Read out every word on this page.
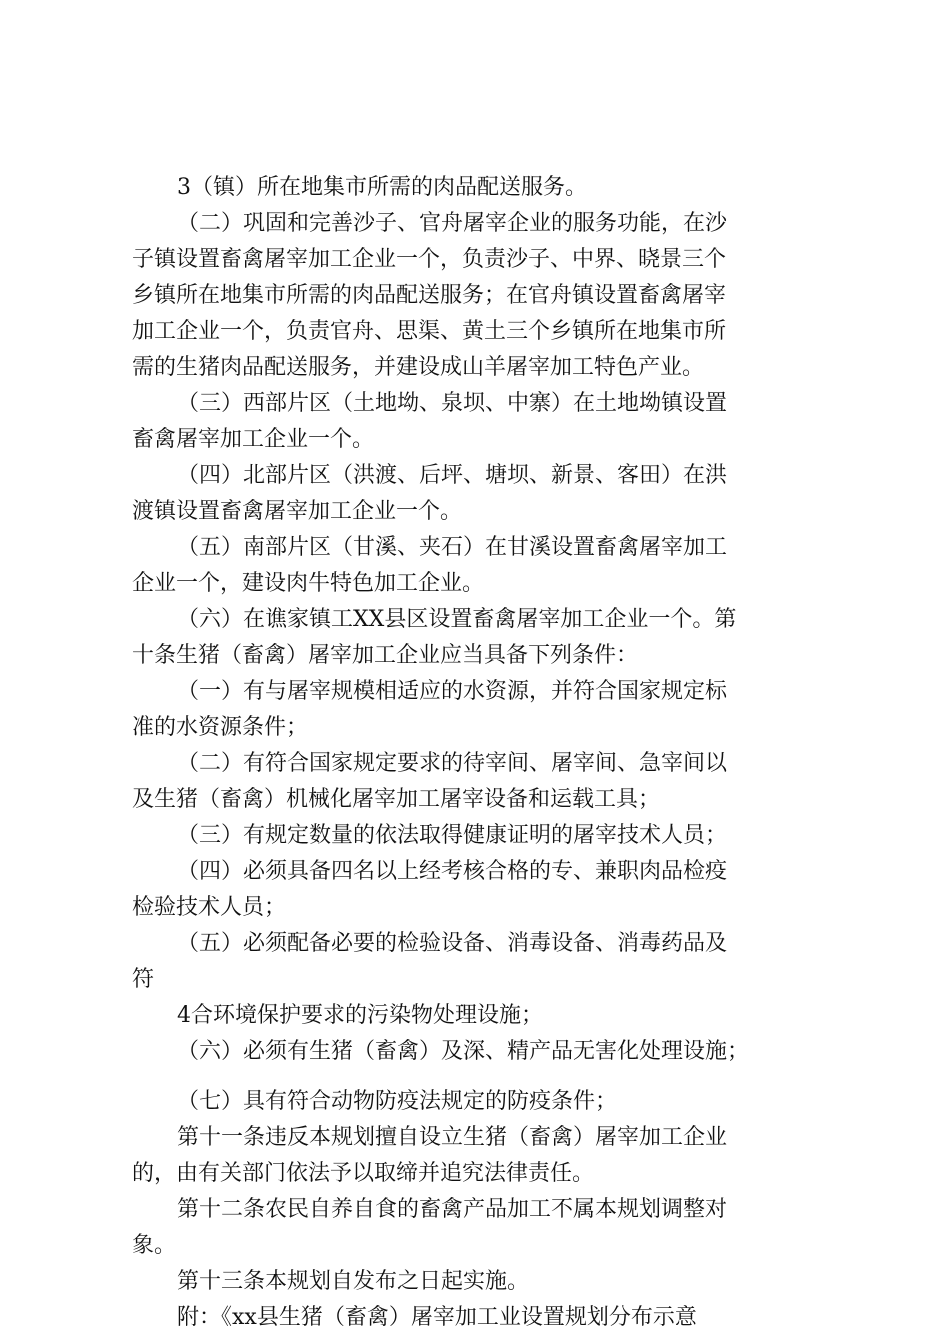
3（镇）所在地集市所需的肉品配送服务。
（二）巩固和完善沙子、官舟屠宰企业的服务功能，在沙
子镇设置畜禽屠宰加工企业一个，负责沙子、中界、晓景三个
乡镇所在地集市所需的肉品配送服务；在官舟镇设置畜禽屠宰
加工企业一个，负责官舟、思渠、黄土三个乡镇所在地集市所
需的生猪肉品配送服务，并建设成山羊屠宰加工特色产业。
（三）西部片区（土地坳、泉坝、中寨）在土地坳镇设置
畜禽屠宰加工企业一个。
（四）北部片区（洪渡、后坪、塘坝、新景、客田）在洪
渡镇设置畜禽屠宰加工企业一个。
（五）南部片区（甘溪、夹石）在甘溪设置畜禽屠宰加工
企业一个，建设肉牛特色加工企业。
（六）在谯家镇工XX县区设置畜禽屠宰加工企业一个。第
十条生猪（畜禽）屠宰加工企业应当具备下列条件：
（一）有与屠宰规模相适应的水资源，并符合国家规定标
准的水资源条件；
（二）有符合国家规定要求的待宰间、屠宰间、急宰间以
及生猪（畜禽）机械化屠宰加工屠宰设备和运载工具；
（三）有规定数量的依法取得健康证明的屠宰技术人员；
（四）必须具备四名以上经考核合格的专、兼职肉品检疫
检验技术人员；
（五）必须配备必要的检验设备、消毒设备、消毒药品及
符
4合环境保护要求的污染物处理设施；
（六）必须有生猪（畜禽）及深、精产品无害化处理设施；
（七）具有符合动物防疫法规定的防疫条件；
第十一条违反本规划擅自设立生猪（畜禽）屠宰加工企业
的，由有关部门依法予以取缔并追究法律责任。
第十二条农民自养自食的畜禽产品加工不属本规划调整对
象。
第十三条本规划自发布之日起实施。
附：《xx县生猪（畜禽）屠宰加工业设置规划分布示意
